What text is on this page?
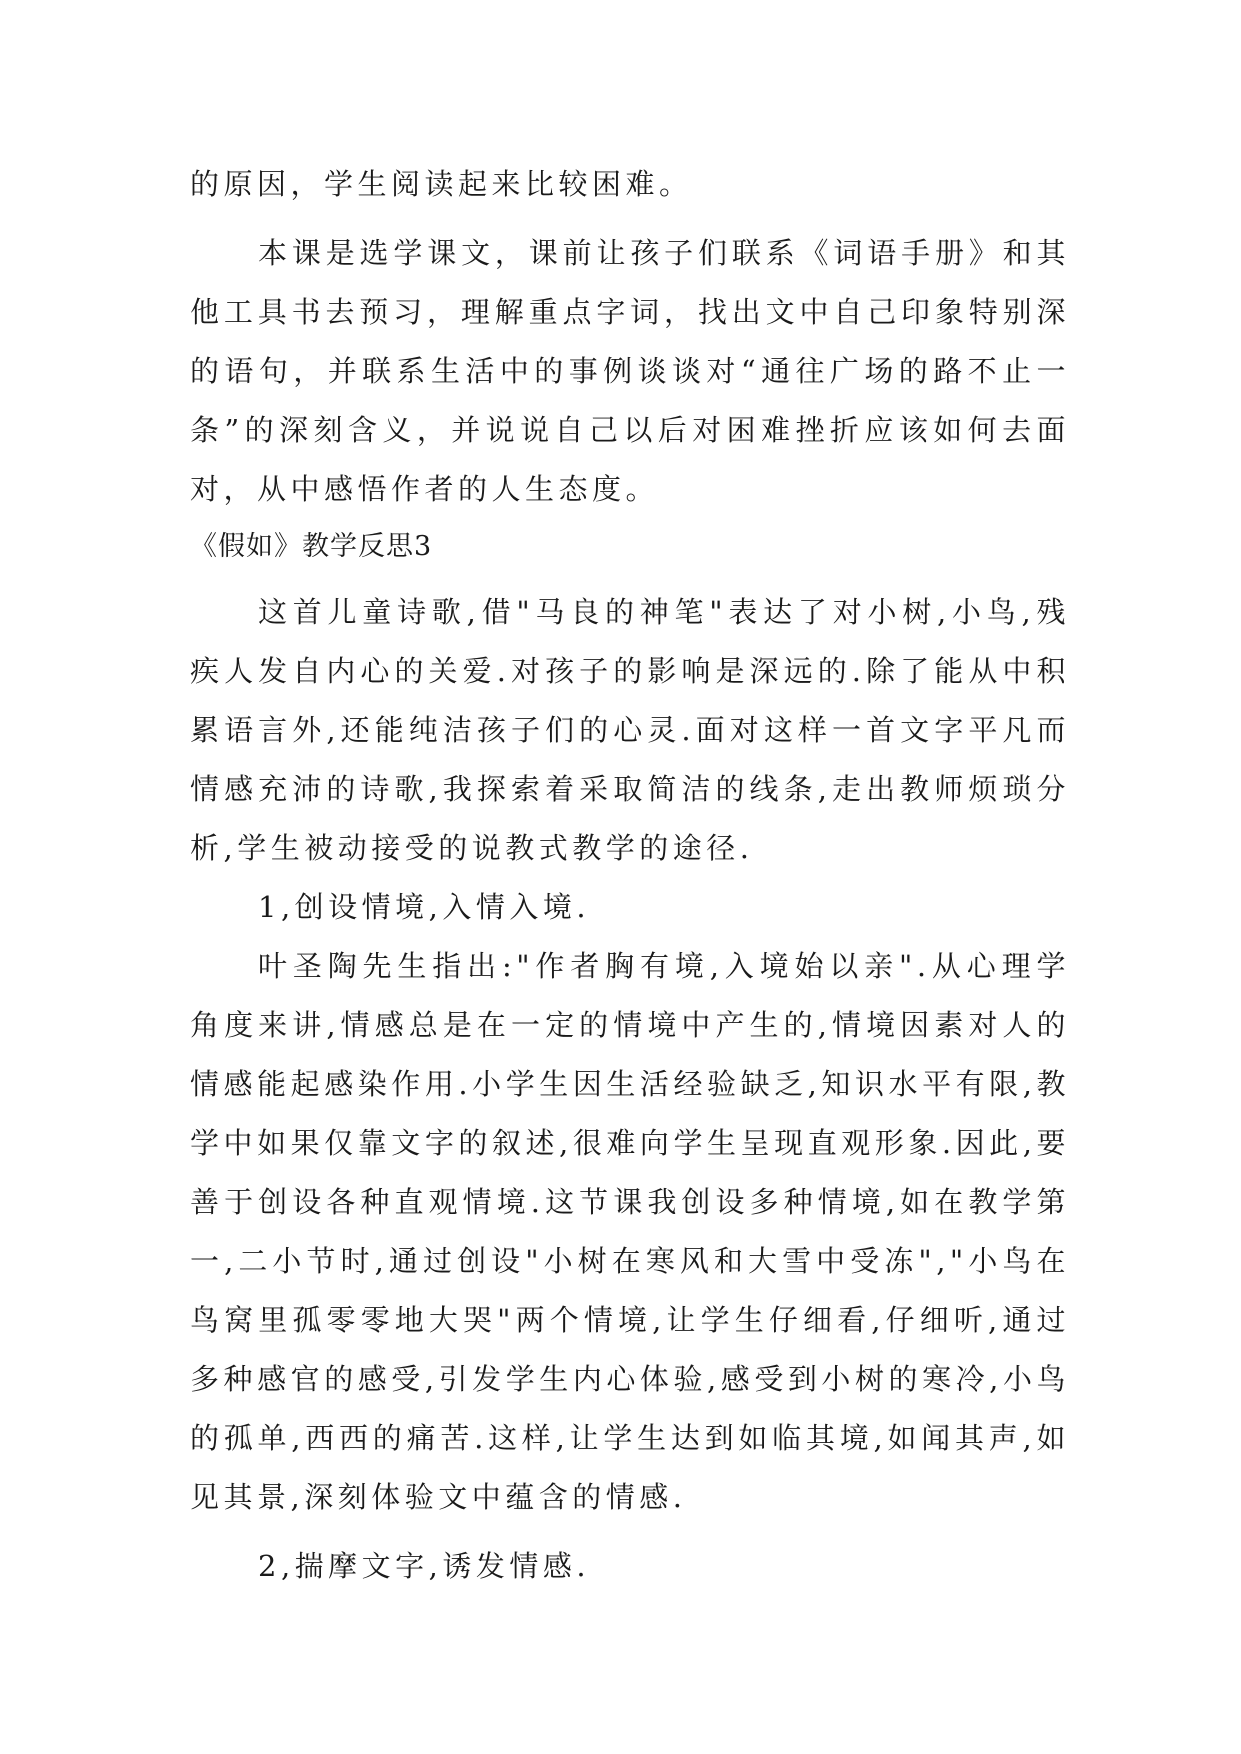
的原因，学生阅读起来比较困难。

本课是选学课文，课前让孩子们联系《词语手册》和其他工具书去预习，理解重点字词，找出文中自己印象特别深的语句，并联系生活中的事例谈谈对“通往广场的路不止一条”的深刻含义，并说说自己以后对困难挫折应该如何去面对，从中感悟作者的人生态度。

《假如》教学反思3

这首儿童诗歌,借"马良的神笔"表达了对小树,小鸟,残疾人发自内心的关爱.对孩子的影响是深远的.除了能从中积累语言外,还能纯洁孩子们的心灵.面对这样一首文字平凡而情感充沛的诗歌,我探索着采取简洁的线条,走出教师烦琐分析,学生被动接受的说教式教学的途径.

1,创设情境,入情入境.

叶圣陶先生指出:"作者胸有境,入境始以亲".从心理学角度来讲,情感总是在一定的情境中产生的,情境因素对人的情感能起感染作用.小学生因生活经验缺乏,知识水平有限,教学中如果仅靠文字的叙述,很难向学生呈现直观形象.因此,要善于创设各种直观情境.这节课我创设多种情境,如在教学第一,二小节时,通过创设"小树在寒风和大雪中受冻","小鸟在鸟窝里孤零零地大哭"两个情境,让学生仔细看,仔细听,通过多种感官的感受,引发学生内心体验,感受到小树的寒冷,小鸟的孤单,西西的痛苦.这样,让学生达到如临其境,如闻其声,如见其景,深刻体验文中蕴含的情感.

2,揣摩文字,诱发情感.
